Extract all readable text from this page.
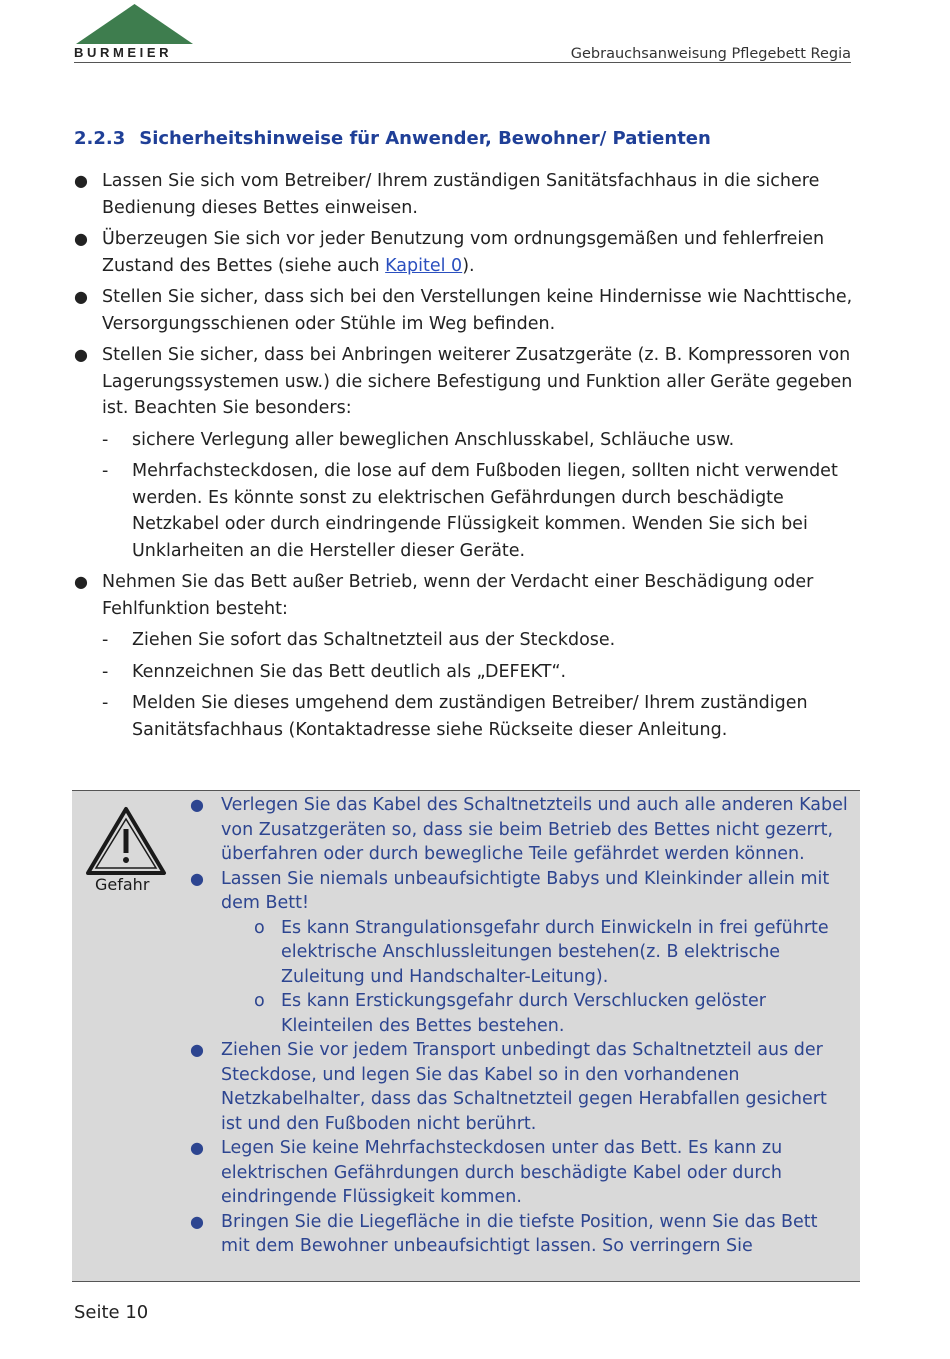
BURMEIER	Gebrauchsanweisung Pflegebett Regia
2.2.3 Sicherheitshinweise für Anwender, Bewohner/ Patienten
● Lassen Sie sich vom Betreiber/ Ihrem zuständigen Sanitätsfachhaus in die sichere Bedienung dieses Bettes einweisen.
● Überzeugen Sie sich vor jeder Benutzung vom ordnungsgemäßen und fehlerfreien Zustand des Bettes (siehe auch Kapitel 0).
● Stellen Sie sicher, dass sich bei den Verstellungen keine Hindernisse wie Nachttische, Versorgungsschienen oder Stühle im Weg befinden.
● Stellen Sie sicher, dass bei Anbringen weiterer Zusatzgeräte (z. B. Kompressoren von Lagerungssystemen usw.) die sichere Befestigung und Funktion aller Geräte gegeben ist. Beachten Sie besonders:
- sichere Verlegung aller beweglichen Anschlusskabel, Schläuche usw.
- Mehrfachsteckdosen, die lose auf dem Fußboden liegen, sollten nicht verwendet werden. Es könnte sonst zu elektrischen Gefährdungen durch beschädigte Netzkabel oder durch eindringende Flüssigkeit kommen. Wenden Sie sich bei Unklarheiten an die Hersteller dieser Geräte.
● Nehmen Sie das Bett außer Betrieb, wenn der Verdacht einer Beschädigung oder Fehlfunktion besteht:
- Ziehen Sie sofort das Schaltnetzteil aus der Steckdose.
- Kennzeichnen Sie das Bett deutlich als „DEFEKT“.
- Melden Sie dieses umgehend dem zuständigen Betreiber/ Ihrem zuständigen Sanitätsfachhaus (Kontaktadresse siehe Rückseite dieser Anleitung.
Gefahr
● Verlegen Sie das Kabel des Schaltnetzteils und auch alle anderen Kabel von Zusatzgeräten so, dass sie beim Betrieb des Bettes nicht gezerrt, überfahren oder durch bewegliche Teile gefährdet werden können.
● Lassen Sie niemals unbeaufsichtigte Babys und Kleinkinder allein mit dem Bett!
o Es kann Strangulationsgefahr durch Einwickeln in frei geführte elektrische Anschlussleitungen bestehen(z. B elektrische Zuleitung und Handschalter-Leitung).
o Es kann Erstickungsgefahr durch Verschlucken gelöster Kleinteilen des Bettes bestehen.
● Ziehen Sie vor jedem Transport unbedingt das Schaltnetzteil aus der Steckdose, und legen Sie das Kabel so in den vorhandenen Netzkabelhalter, dass das Schaltnetzteil gegen Herabfallen gesichert ist und den Fußboden nicht berührt.
● Legen Sie keine Mehrfachsteckdosen unter das Bett. Es kann zu elektrischen Gefährdungen durch beschädigte Kabel oder durch eindringende Flüssigkeit kommen.
● Bringen Sie die Liegefläche in die tiefste Position, wenn Sie das Bett mit dem Bewohner unbeaufsichtigt lassen. So verringern Sie
Seite 10
